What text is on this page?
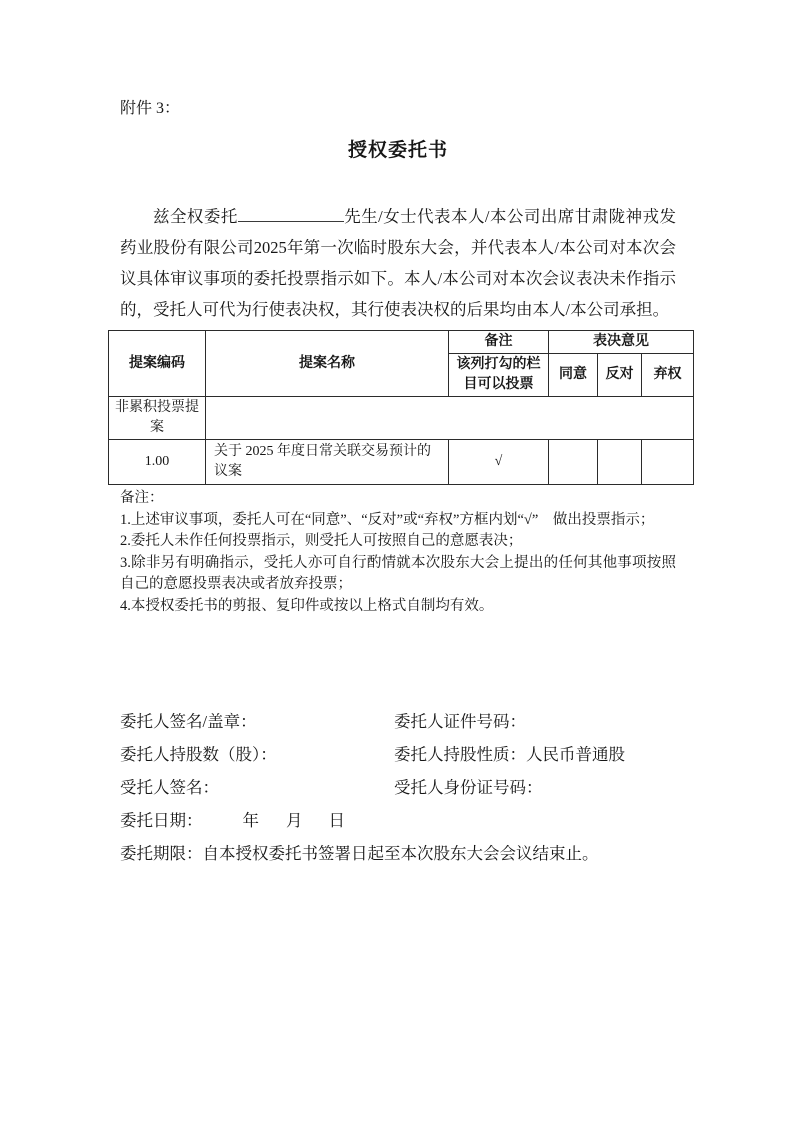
附件 3：
授权委托书

兹全权委托	先生/女士代表本人/本公司出席甘肃陇神戎发药业股份有限公司2025年第一次临时股东大会，并代表本人/本公司对本次会议具体审议事项的委托投票指示如下。本人/本公司对本次会议表决未作指示的，受托人可代为行使表决权，其行使表决权的后果均由本人/本公司承担。

提案编码	提案名称	备注	表决意见		
		该列打勾的栏目可以投票	同意	反对	弃权
非累积投票提案					
1.00	关于 2025 年度日常关联交易预计的议案	√			

备注：

1.上述审议事项，委托人可在“同意”、“反对”或“弃权”方框内划“√”　做出投票指示；

2.委托人未作任何投票指示，则受托人可按照自己的意愿表决；

3.除非另有明确指示，受托人亦可自行酌情就本次股东大会上提出的任何其他事项按照自己的意愿投票表决或者放弃投票；

4.本授权委托书的剪报、复印件或按以上格式自制均有效。

委托人签名/盖章：	委托人证件号码：
委托人持股数（股）：	委托人持股性质：人民币普通股
受托人签名：	受托人身份证号码：
委托日期： 年 月 日
委托期限：自本授权委托书签署日起至本次股东大会会议结束止。
